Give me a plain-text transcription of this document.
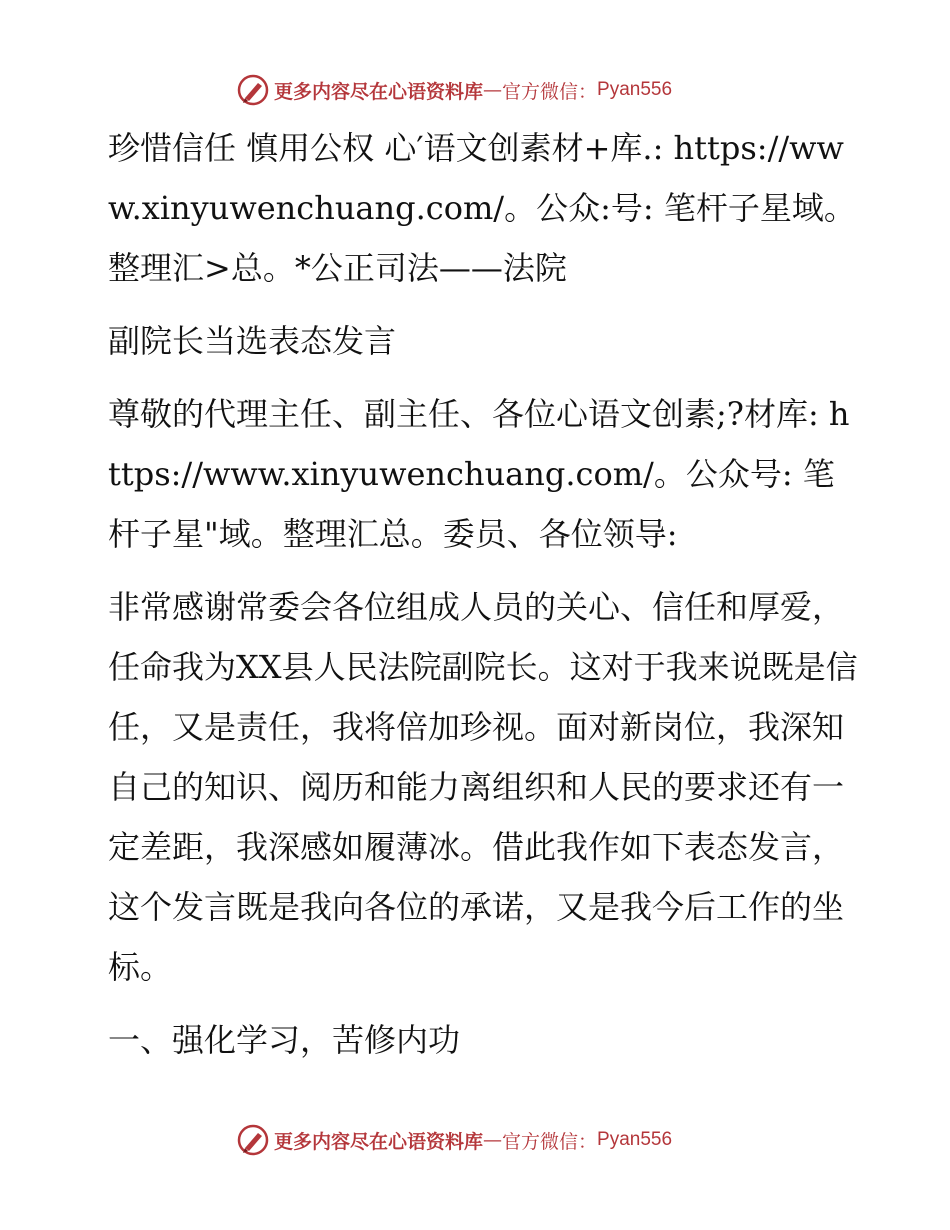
更多内容尽在心语资料库 — 官方微信： Pyan556

珍惜信任 慎用公权 心′语文创素材+库.: https://www.xinyuwenchuang.com/。公众:号: 笔杆子星域。整理汇>总。*公正司法——法院

副院长当选表态发言

尊敬的代理主任、副主任、各位心语文创素;?材库: https://www.xinyuwenchuang.com/。公众号: 笔杆子星"域。整理汇总。委员、各位领导:

非常感谢常委会各位组成人员的关心、信任和厚爱，任命我为XX县人民法院副院长。这对于我来说既是信任，又是责任，我将倍加珍视。面对新岗位，我深知自己的知识、阅历和能力离组织和人民的要求还有一定差距，我深感如履薄冰。借此我作如下表态发言，这个发言既是我向各位的承诺，又是我今后工作的坐标。

一、强化学习，苦修内功

更多内容尽在心语资料库 — 官方微信： Pyan556
